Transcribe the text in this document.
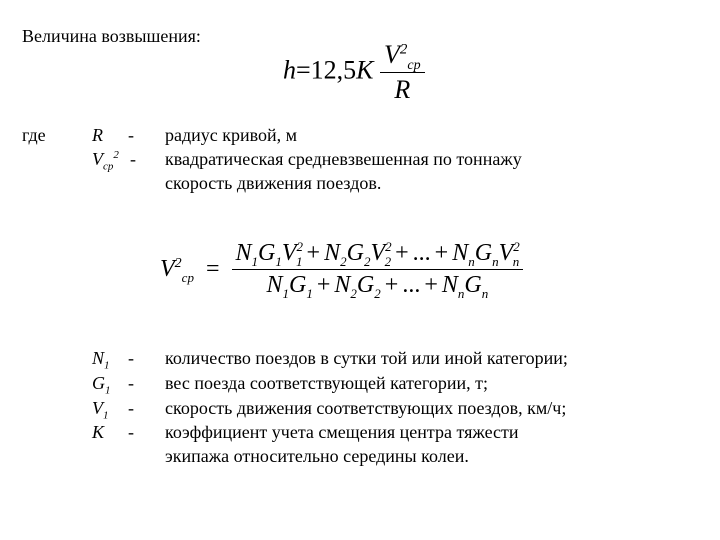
Величина возвышения:
$h=12,5K \frac{V^2_{ср}}{R}$
где	R - радиус кривой, м
$V_{ср}^2$ - квадратическая средневзвешенная по тоннажу
скорость движения поездов.
$V^2_{ср} = \frac{N_1G_1V^2_1 + N_2G_2V^2_2 + ... + N_nG_nV^2_n}{N_1G_1 + N_2G_2 + ... + N_nG_n}$
$N_1$ - количество поездов в сутки той или иной категории;
$G_1$ - вес поезда соответствующей категории, т;
$V_1$ - скорость движения соответствующих поездов, км/ч;
K - коэффициент учета смещения центра тяжести
экипажа относительно середины колеи.
